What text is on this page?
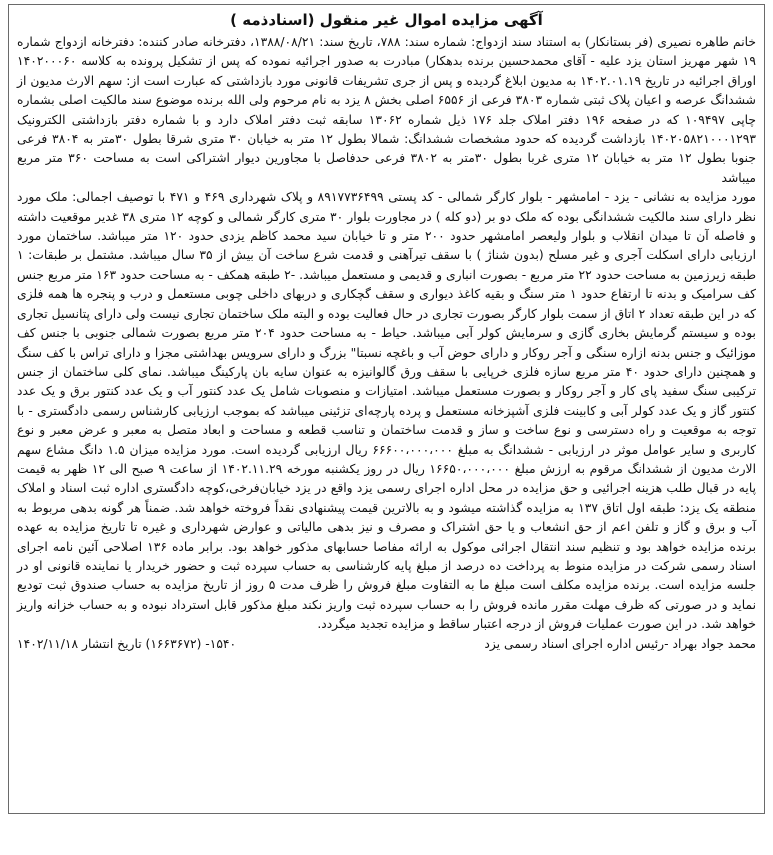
آگهی مزایده اموال غیر منقول (اسنادذمه )

خانم طاهره نصیری (فر بستانکار) به استناد سند ازدواج: شماره سند: ۷۸۸، تاریخ سند: ۱۳۸۸/۰۸/۲۱، دفترخانه صادر کننده: دفترخانه ازدواج شماره ۱۹ شهر مهریز استان یزد علیه - آقای محمدحسین برنده بدهکار) مبادرت به صدور اجرائیه نموده که پس از تشکیل پرونده به کلاسه ۱۴۰۲۰۰۰۶۰ اوراق اجرائیه در تاریخ ۱۴۰۲.۰۱.۱۹ به مدیون ابلاغ گردیده و پس از جری تشریفات قانونی مورد بازداشتی که عبارت است از: سهم الارث مدیون از ششدانگ عرصه و اعیان پلاک ثبتی شماره ۳۸۰۳ فرعی از ۶۵۵۶ اصلی بخش ۸ یزد به نام مرحوم ولی الله برنده موضوع سند مالکیت اصلی بشماره چاپی ۱۰۹۴۹۷ که در صفحه ۱۹۶ دفتر املاک جلد ۱۷۶ ذیل شماره ۱۳۰۶۲ سابقه ثبت دفتر املاک دارد و با شماره دفتر بازداشتی الکترونیک ۱۴۰۲۰۵۸۲۱۰۰۰۱۲۹۳ بازداشت گردیده که حدود مشخصات ششدانگ: شمالا بطول ۱۲ متر به خیابان ۳۰ متری شرقا بطول ۳۰متر به ۳۸۰۴ فرعی جنوبا بطول ۱۲ متر به خیابان ۱۲ متری غربا بطول ۳۰متر به ۳۸۰۲ فرعی حدفاصل با مجاورین دیوار اشتراکی است به مساحت ۳۶۰ متر مربع میباشد

مورد مزایده به نشانی - یزد - امامشهر - بلوار کارگر شمالی - کد پستی ۸۹۱۷۷۳۶۴۹۹ و پلاک شهرداری ۴۶۹ و ۴۷۱ با توصیف اجمالی: ملک مورد نظر دارای سند مالکیت ششدانگی بوده که ملک دو بر (دو کله ) در مجاورت بلوار ۳۰ متری کارگر شمالی و کوچه ۱۲ متری ۳۸ غدیر موقعیت داشته و فاصله آن تا میدان انقلاب و بلوار ولیعصر امامشهر حدود ۲۰۰ متر و تا خیابان سید محمد کاظم یزدی حدود ۱۲۰ متر میباشد. ساختمان مورد ارزیابی دارای اسکلت آجری و غیر مسلح (بدون شناژ ) با سقف تیرآهنی و قدمت شرع ساخت آن بیش از ۳۵ سال میباشد. مشتمل بر طبقات: ۱ طبقه زیرزمین به مساحت حدود ۲۲ متر مربع - بصورت انباری و قدیمی و مستعمل میباشد. -۲ طبقه همکف - به مساحت حدود ۱۶۳ متر مربع جنس کف سرامیک و بدنه تا ارتفاع حدود ۱ متر سنگ و بقیه کاغذ دیواری و سقف گچکاری و دربهای داخلی چوبی مستعمل و درب و پنجره ها همه فلزی که در این طبقه تعداد ۲ اتاق از سمت بلوار کارگر بصورت تجاری در حال فعالیت بوده و البته ملک ساختمان تجاری نیست ولی دارای پتانسیل تجاری بوده و سیستم گرمایش بخاری گازی و سرمایش کولر آبی میباشد. حیاط - به مساحت حدود ۲۰۴ متر مربع بصورت شمالی جنوبی با جنس کف موزائیک و جنس بدنه ازاره سنگی و آجر روکار و دارای حوض آب و باغچه نسبتا" بزرگ و دارای سرویس بهداشتی مجزا و دارای تراس با کف سنگ و همچنین دارای حدود ۴۰ متر مربع سازه فلزی خرپایی با سقف ورق گالوانیزه به عنوان سایه بان پارکینگ میباشد. نمای کلی ساختمان از جنس ترکیبی سنگ سفید پای کار و آجر روکار و بصورت مستعمل میباشد. امتیازات و منصوبات شامل یک عدد کنتور آب و یک عدد کنتور برق و یک عدد کنتور گاز و یک عدد کولر آبی و کابینت فلزی آشپزخانه مستعمل و پرده پارچه‌ای تزئینی میباشد که بموجب ارزیابی کارشناس رسمی دادگستری - با توجه به موقعیت و راه دسترسی و نوع ساخت و ساز و قدمت ساختمان و تناسب قطعه و مساحت و ابعاد متصل به معبر و عرض معبر و نوع کاربری و سایر عوامل موثر در ارزیابی - ششدانگ به مبلغ ۶۶۶۰۰،۰۰۰،۰۰۰ ریال ارزیابی گردیده است. مورد مزایده میزان ۱.۵ دانگ مشاع سهم الارث مدیون از ششدانگ مرقوم به ارزش مبلغ ۱۶۶۵۰،۰۰۰،۰۰۰ ریال در روز یکشنبه مورخه ۱۴۰۲.۱۱.۲۹ از ساعت ۹ صبح الی ۱۲ ظهر به قیمت پایه در قبال طلب هزینه اجرائیی و حق مزایده در محل اداره اجرای رسمی یزد واقع در یزد خیابان‌فرخی،کوچه دادگستری اداره ثبت اسناد و املاک منطقه یک یزد: طبقه اول اتاق ۱۳۷ به مزایده گذاشته میشود و به بالاترین قیمت پیشنهادی نقداً فروخته خواهد شد. ضمناً هر گونه بدهی مربوط به آب و برق و گاز و تلفن اعم از حق انشعاب و یا حق اشتراک و مصرف و نیز بدهی مالیاتی و عوارض شهرداری و غیره تا تاریخ مزایده به عهده برنده مزایده خواهد بود و تنظیم سند انتقال اجرائی موکول به ارائه مفاصا حسابهای مذکور خواهد بود. برابر ماده ۱۳۶ اصلاحی آئین نامه اجرای اسناد رسمی شرکت در مزایده منوط به پرداخت ده درصد از مبلغ پایه کارشناسی به حساب سپرده ثبت و حضور خریدار یا نماینده قانونی او در جلسه مزایده است. برنده مزایده مکلف است مبلغ ما به التفاوت مبلغ فروش را ظرف مدت ۵ روز از تاریخ مزایده به حساب صندوق ثبت تودیع نماید و در صورتی که ظرف مهلت مقرر مانده فروش را به حساب سپرده ثبت واریز نکند مبلغ مذکور قابل استرداد نبوده و به حساب خزانه واریز خواهد شد. در این صورت عملیات فروش از درجه اعتبار ساقط و مزایده تجدید میگردد.

محمد جواد بهراد -رئیس اداره اجرای اسناد رسمی یزد
۱۵۴۰- (۱۶۶۳۶۷۲) تاریخ انتشار ۱۴۰۲/۱۱/۱۸
